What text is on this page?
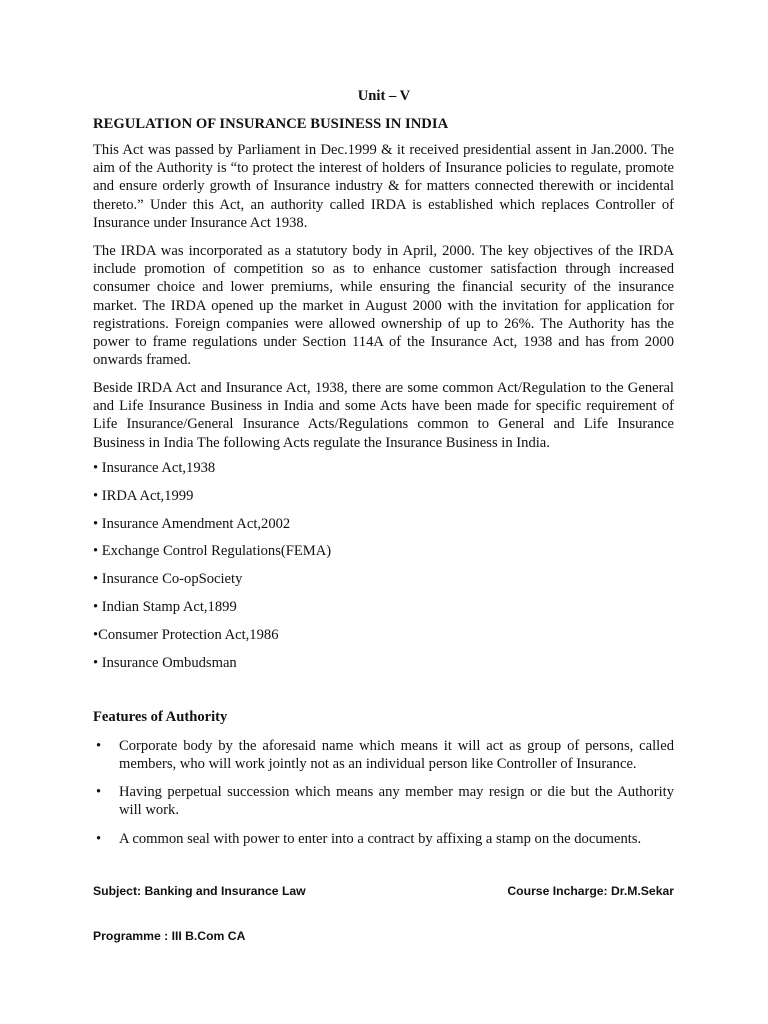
Unit – V
REGULATION OF INSURANCE BUSINESS IN INDIA

This Act was passed by Parliament in Dec.1999 & it received presidential assent in Jan.2000. The aim of the Authority is “to protect the interest of holders of Insurance policies to regulate, promote and ensure orderly growth of Insurance industry & for matters connected therewith or incidental thereto.” Under this Act, an authority called IRDA is established which replaces Controller of Insurance under Insurance Act 1938.

The IRDA was incorporated as a statutory body in April, 2000. The key objectives of the IRDA include promotion of competition so as to enhance customer satisfaction through increased consumer choice and lower premiums, while ensuring the financial security of the insurance market. The IRDA opened up the market in August 2000 with the invitation for application for registrations. Foreign companies were allowed ownership of up to 26%. The Authority has the power to frame regulations under Section 114A of the Insurance Act, 1938 and has from 2000 onwards framed.

Beside IRDA Act and Insurance Act, 1938, there are some common Act/Regulation to the General and Life Insurance Business in India and some Acts have been made for specific requirement of Life Insurance/General Insurance Acts/Regulations common to General and Life Insurance Business in India The following Acts regulate the Insurance Business in India.

• Insurance Act,1938
• IRDA Act,1999
• Insurance Amendment Act,2002
• Exchange Control Regulations(FEMA)
• Insurance Co-opSociety
• Indian Stamp Act,1899
•Consumer Protection Act,1986
• Insurance Ombudsman
Features of Authority
•	Corporate body by the aforesaid name which means it will act as group of persons, called members, who will work jointly not as an individual person like Controller of Insurance.
•	Having perpetual succession which means any member may resign or die but the Authority will work.
•	A common seal with power to enter into a contract by affixing a stamp on the documents.
Subject: Banking and Insurance Law	Course Incharge: Dr.M.Sekar
Programme : III B.Com CA
